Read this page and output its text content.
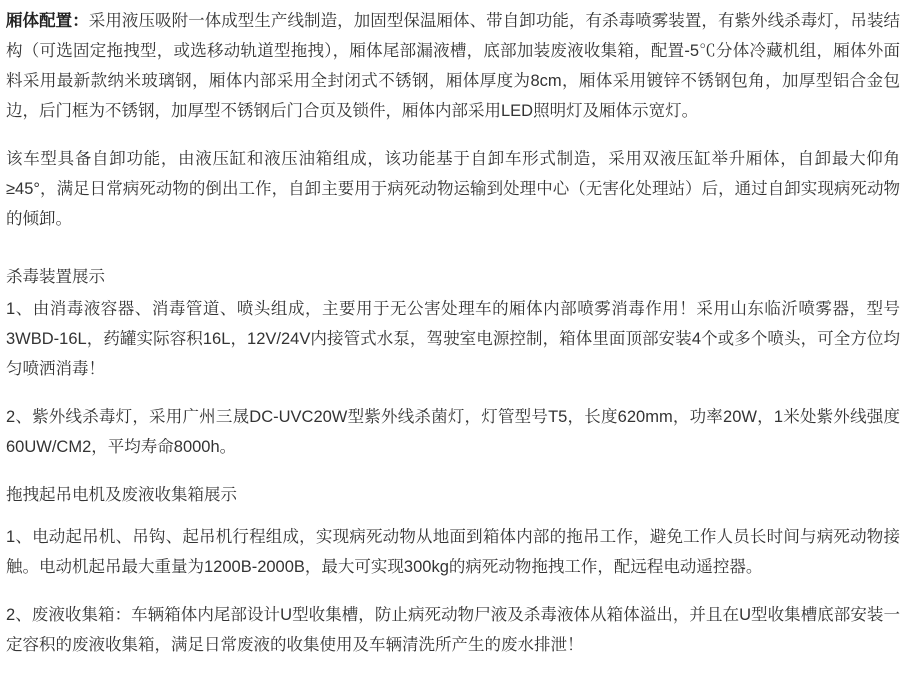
厢体配置：采用液压吸附一体成型生产线制造，加固型保温厢体、带自卸功能，有杀毒喷雾装置，有紫外线杀毒灯，吊装结构（可选固定拖拽型，或选移动轨道型拖拽），厢体尾部漏液槽，底部加装废液收集箱，配置-5℃分体冷藏机组，厢体外面料采用最新款纳米玻璃钢，厢体内部采用全封闭式不锈钢，厢体厚度为8cm，厢体采用镀锌不锈钢包角，加厚型铝合金包边，后门框为不锈钢，加厚型不锈钢后门合页及锁件，厢体内部采用LED照明灯及厢体示宽灯。

该车型具备自卸功能，由液压缸和液压油箱组成，该功能基于自卸车形式制造，采用双液压缸举升厢体，自卸最大仰角≥45°，满足日常病死动物的倒出工作，自卸主要用于病死动物运输到处理中心（无害化处理站）后，通过自卸实现病死动物的倾卸。

杀毒装置展示

1、由消毒液容器、消毒管道、喷头组成，主要用于无公害处理车的厢体内部喷雾消毒作用！采用山东临沂喷雾器，型号3WBD-16L，药罐实际容积16L，12V/24V内接管式水泵，驾驶室电源控制，箱体里面顶部安装4个或多个喷头，可全方位均匀喷洒消毒！

2、紫外线杀毒灯，采用广州三晟DC-UVC20W型紫外线杀菌灯，灯管型号T5，长度620mm，功率20W，1米处紫外线强度60UW/CM2，平均寿命8000h。

拖拽起吊电机及废液收集箱展示

1、电动起吊机、吊钩、起吊机行程组成，实现病死动物从地面到箱体内部的拖吊工作，避免工作人员长时间与病死动物接触。电动机起吊最大重量为1200B-2000B，最大可实现300kg的病死动物拖拽工作，配远程电动遥控器。

2、废液收集箱：车辆箱体内尾部设计U型收集槽，防止病死动物尸液及杀毒液体从箱体溢出，并且在U型收集槽底部安装一定容积的废液收集箱，满足日常废液的收集使用及车辆清洗所产生的废水排泄！
